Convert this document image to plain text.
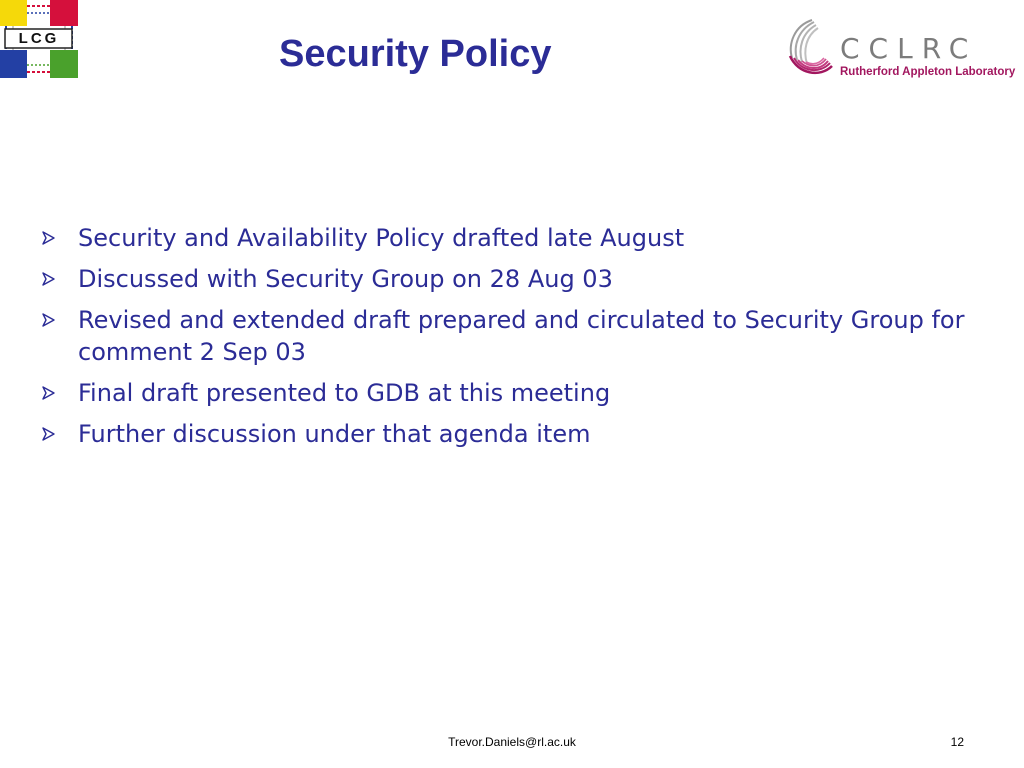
LCG	Security Policy	CCLRC
Rutherford Appleton Laboratory
Security and Availability Policy drafted late August
Discussed with Security Group on 28 Aug 03
Revised and extended draft prepared and circulated to Security Group for comment 2 Sep 03
Final draft presented to GDB at this meeting
Further discussion under that agenda item
Trevor.Daniels@rl.ac.uk	12
